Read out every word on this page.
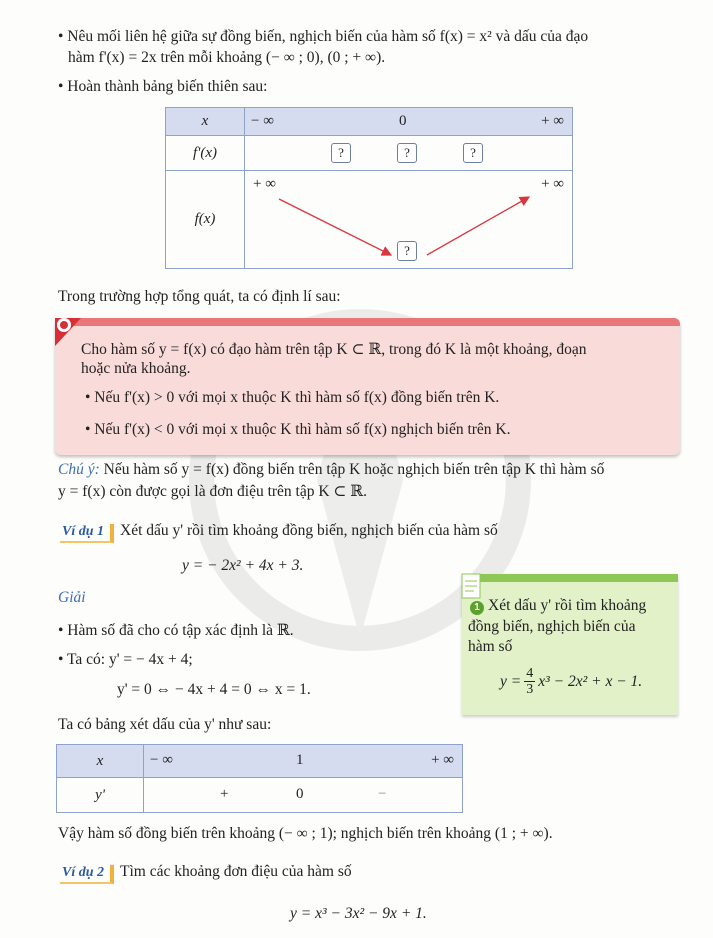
• Nêu mối liên hệ giữa sự đồng biến, nghịch biến của hàm số f(x) = x² và dấu của đạo
hàm f'(x) = 2x trên mỗi khoảng (− ∞ ; 0), (0 ; + ∞).
• Hoàn thành bảng biến thiên sau:
x	− ∞ 0 + ∞

f'(x)	? ? ?

f(x)	+ ∞ + ∞
?
Trong trường hợp tổng quát, ta có định lí sau:
Cho hàm số y = f(x) có đạo hàm trên tập K ⊂ ℝ, trong đó K là một khoảng, đoạn
hoặc nửa khoảng.
• Nếu f'(x) > 0 với mọi x thuộc K thì hàm số f(x) đồng biến trên K.
• Nếu f'(x) < 0 với mọi x thuộc K thì hàm số f(x) nghịch biến trên K.
Chú ý: Nếu hàm số y = f(x) đồng biến trên tập K hoặc nghịch biến trên tập K thì hàm số
y = f(x) còn được gọi là đơn điệu trên tập K ⊂ ℝ.
Ví dụ 1 Xét dấu y' rồi tìm khoảng đồng biến, nghịch biến của hàm số
y = − 2x² + 4x + 3.
1 Xét dấu y' rồi tìm khoảng
đồng biến, nghịch biến của
hàm số
$y = \frac{4}{3} x^3 - 2x^2 + x - 1$.
Giải
• Hàm số đã cho có tập xác định là ℝ.
• Ta có: y' = − 4x + 4;
y' = 0 ⇔ − 4x + 4 = 0 ⇔ x = 1.
Ta có bảng xét dấu của y' như sau:
x	− ∞ 1 + ∞

y'	+ 0 −
Vậy hàm số đồng biến trên khoảng (− ∞ ; 1); nghịch biến trên khoảng (1 ; + ∞).
Ví dụ 2 Tìm các khoảng đơn điệu của hàm số
y = x³ − 3x² − 9x + 1.
